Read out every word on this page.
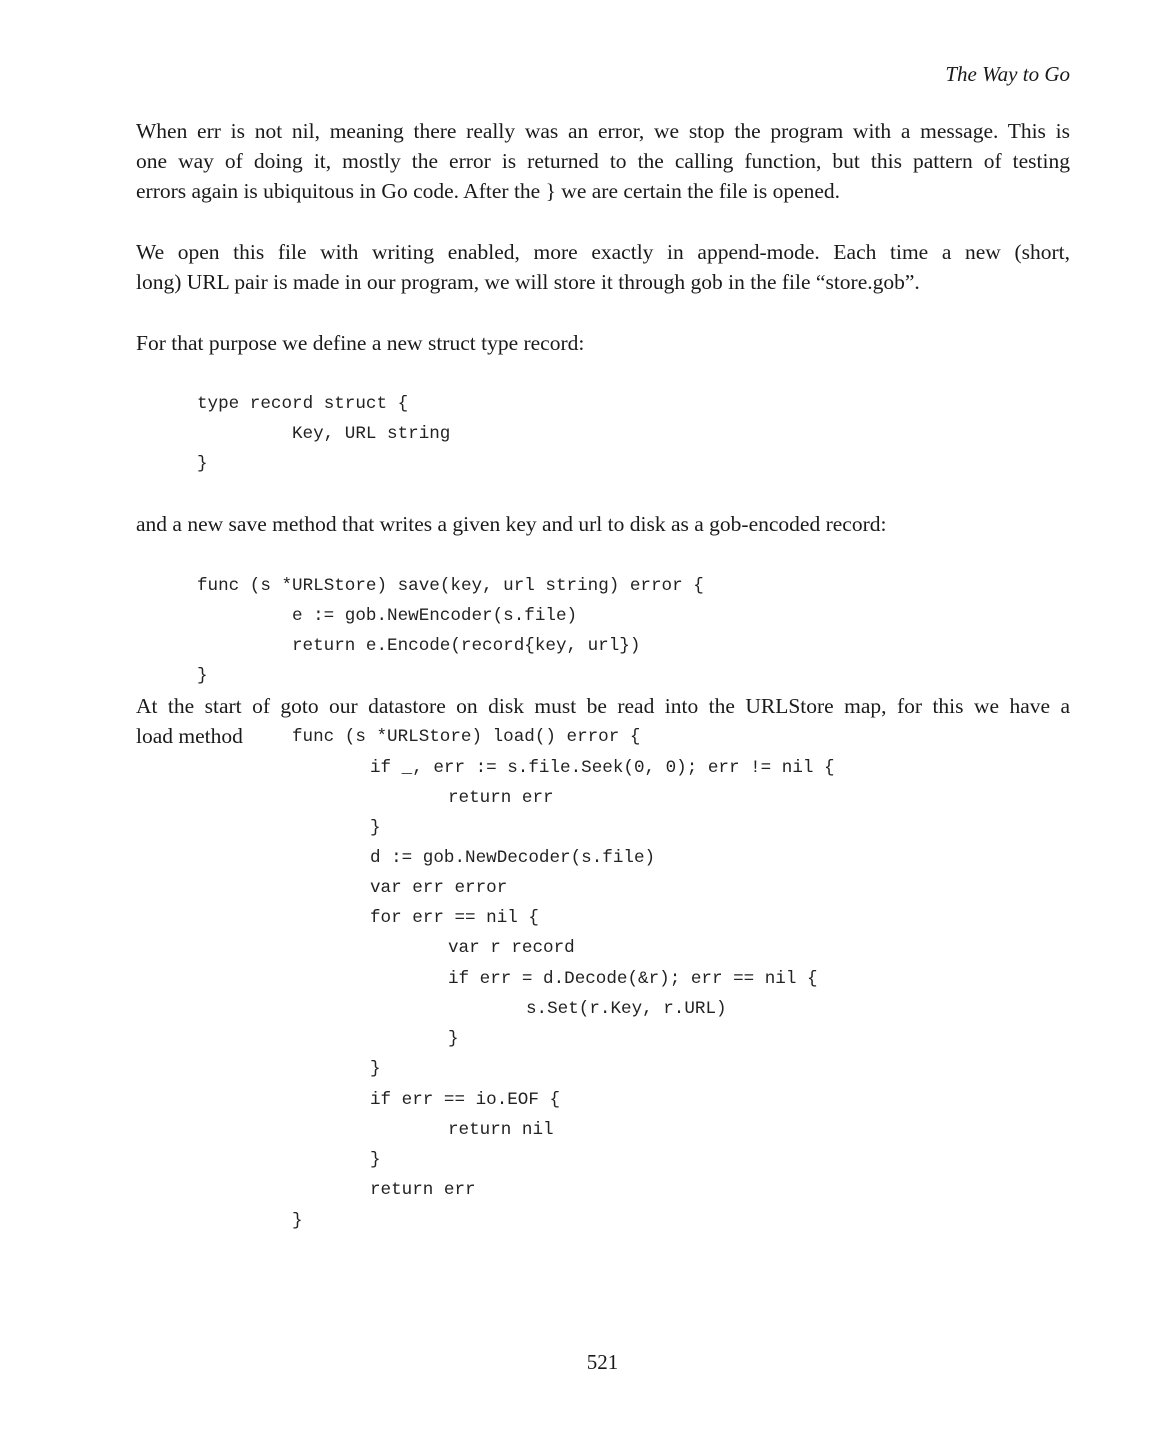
The Way to Go
When err is not nil, meaning there really was an error, we stop the program with a message. This is
one way of doing it, mostly the error is returned to the calling function, but this pattern of testing
errors again is ubiquitous in Go code. After the } we are certain the file is opened.
We open this file with writing enabled, more exactly in append-mode. Each time a new (short,
long) URL pair is made in our program, we will store it through gob in the file “store.gob”.
For that purpose we define a new struct type record:
and a new save method that writes a given key and url to disk as a gob-encoded record:
At the start of goto our datastore on disk must be read into the URLStore map, for this we have a
load method
type record struct {
Key, URL string
}
func (s *URLStore) save(key, url string) error {
e := gob.NewEncoder(s.file)
return e.Encode(record{key, url})
}
func (s *URLStore) load() error {
if _, err := s.file.Seek(0, 0); err != nil {
return err
}
d := gob.NewDecoder(s.file)
var err error
for err == nil {
var r record
if err = d.Decode(&r); err == nil {
s.Set(r.Key, r.URL)
}
}
if err == io.EOF {
return nil
}
return err
}
521
